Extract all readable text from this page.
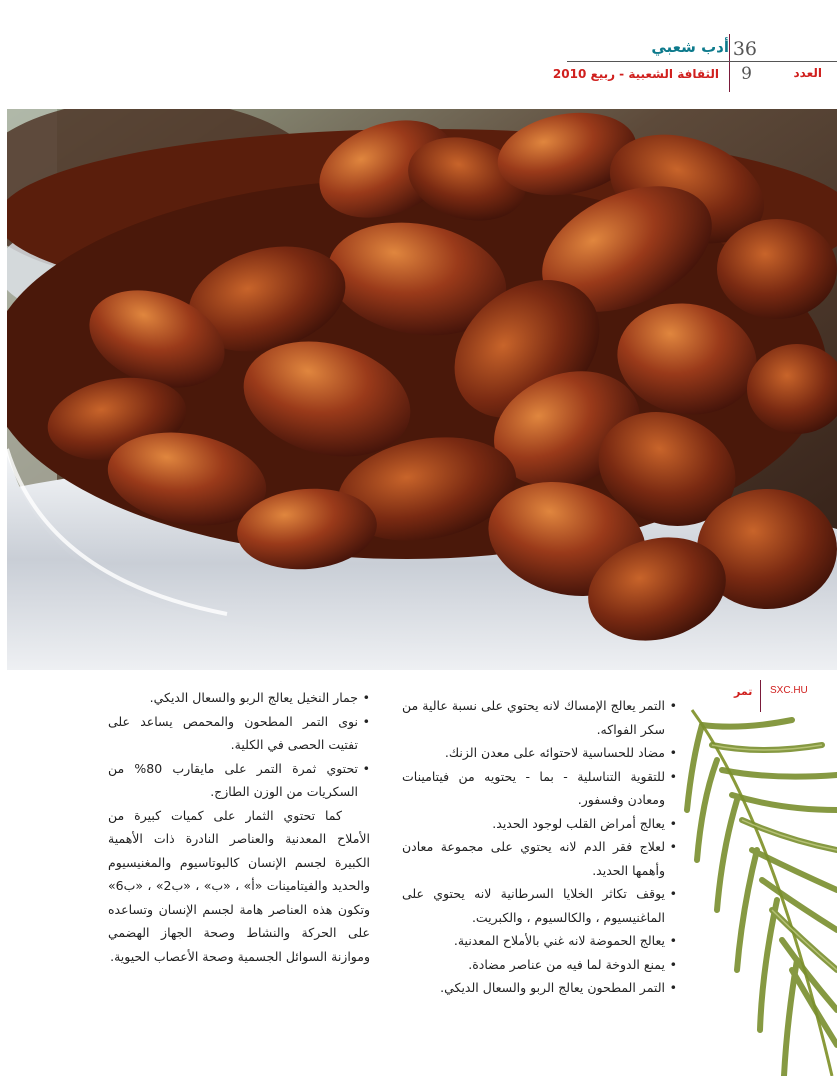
36
أدب شعبي
العدد
9
الثقافة الشعبية - ربيع 2010
تمر SXC.HU
• التمر يعالج الإمساك لانه يحتوي على نسبة عالية من سكر الفواكه.
• مضاد للحساسية لاحتوائه على معدن الزنك.
• للتقوية التناسلية - بما - يحتويه من فيتامينات ومعادن وفسفور.
• يعالج أمراض القلب لوجود الحديد.
• لعلاج فقر الدم لانه يحتوي على مجموعة معادن وأهمها الحديد.
• يوقف تكاثر الخلايا السرطانية لانه يحتوي على الماغنيسيوم ، والكالسيوم ، والكبريت.
• يعالج الحموضة لانه غني بالأملاح المعدنية.
• يمنع الدوخة لما فيه من عناصر مضادة.
• التمر المطحون يعالج الربو والسعال الديكي.
• جمار النخيل يعالج الربو والسعال الديكي.
• نوى التمر المطحون والمحمص يساعد على تفتيت الحصى في الكلية.
• تحتوي ثمرة التمر على مايقارب 80% من السكريات من الوزن الطازج.

كما تحتوي الثمار على كميات كبيرة من الأملاح المعدنية والعناصر النادرة ذات الأهمية الكبيرة لجسم الإنسان كالبوتاسيوم والمغنيسيوم والحديد والفيتامينات «أ» ، «ب» ، «ب2» ، «ب6» وتكون هذه العناصر هامة لجسم الإنسان وتساعده على الحركة والنشاط وصحة الجهاز الهضمي وموازنة السوائل الجسمية وصحة الأعصاب الحيوية.
